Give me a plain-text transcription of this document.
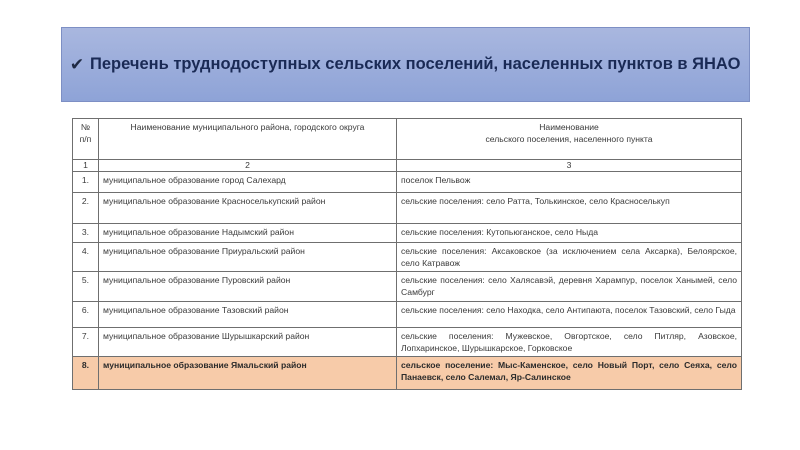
✔ Перечень труднодоступных сельских поселений, населенных пунктов в ЯНАО
№ п/п	Наименование муниципального района, городского округа	Наименование
сельского поселения, населенного пункта

1	2	3
1.	муниципальное образование город Салехард	поселок Пельвож
2.	муниципальное образование Красноселькупский район	сельские поселения: село Ратта, Толькинское, село Красноселькуп
3.	муниципальное образование Надымский район	сельские поселения: Кутопьюганское, село Ныда
4.	муниципальное образование Приуральский район	сельские поселения: Аксаковское (за исключением села Аксарка), Белоярское, село Катравож
5.	муниципальное образование Пуровский район	сельские поселения: село Халясавэй, деревня Харампур, поселок Ханымей, село Самбург
6.	муниципальное образование Тазовский район	сельские поселения: село Находка, село Антипаюта, поселок Тазовский, село Гыда
7.	муниципальное образование Шурышкарский район	сельские поселения: Мужевское, Овгортское, село Питляр, Азовское, Лопхаринское, Шурышкарское, Горковское
8.	муниципальное образование Ямальский район	сельское поселение: Мыс-Каменское, село Новый Порт, село Сеяха, село Панаевск, село Салемал, Яр-Салинское
